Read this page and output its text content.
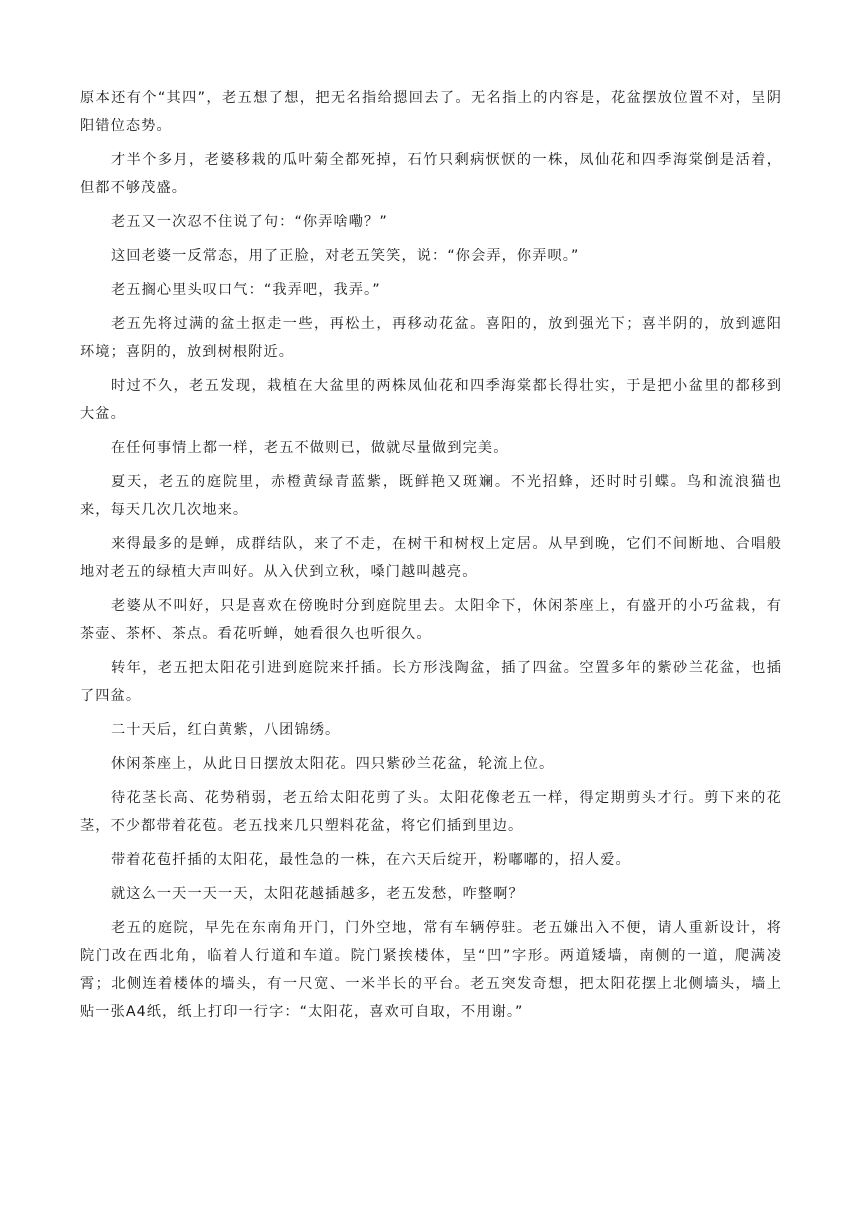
原本还有个“其四”，老五想了想，把无名指给摁回去了。无名指上的内容是，花盆摆放位置不对，呈阴阳错位态势。

才半个多月，老婆移栽的瓜叶菊全都死掉，石竹只剩病恹恹的一株，凤仙花和四季海棠倒是活着，但都不够茂盛。

老五又一次忍不住说了句：“你弄啥嘞？”

这回老婆一反常态，用了正脸，对老五笑笑，说：“你会弄，你弄呗。”

老五搁心里头叹口气：“我弄吧，我弄。”

老五先将过满的盆土抠走一些，再松土，再移动花盆。喜阳的，放到强光下；喜半阴的，放到遮阳环境；喜阴的，放到树根附近。

时过不久，老五发现，栽植在大盆里的两株凤仙花和四季海棠都长得壮实，于是把小盆里的都移到大盆。

在任何事情上都一样，老五不做则已，做就尽量做到完美。

夏天，老五的庭院里，赤橙黄绿青蓝紫，既鲜艳又斑斓。不光招蜂，还时时引蝶。鸟和流浪猫也来，每天几次几次地来。

来得最多的是蝉，成群结队，来了不走，在树干和树杈上定居。从早到晚，它们不间断地、合唱般地对老五的绿植大声叫好。从入伏到立秋，嗓门越叫越亮。

老婆从不叫好，只是喜欢在傍晚时分到庭院里去。太阳伞下，休闲茶座上，有盛开的小巧盆栽，有茶壶、茶杯、茶点。看花听蝉，她看很久也听很久。

转年，老五把太阳花引进到庭院来扦插。长方形浅陶盆，插了四盆。空置多年的紫砂兰花盆，也插了四盆。

二十天后，红白黄紫，八团锦绣。

休闲茶座上，从此日日摆放太阳花。四只紫砂兰花盆，轮流上位。

待花茎长高、花势稍弱，老五给太阳花剪了头。太阳花像老五一样，得定期剪头才行。剪下来的花茎，不少都带着花苞。老五找来几只塑料花盆，将它们插到里边。

带着花苞扦插的太阳花，最性急的一株，在六天后绽开，粉嘟嘟的，招人爱。

就这么一天一天一天，太阳花越插越多，老五发愁，咋整啊？

老五的庭院，早先在东南角开门，门外空地，常有车辆停驻。老五嫌出入不便，请人重新设计，将院门改在西北角，临着人行道和车道。院门紧挨楼体，呈“凹”字形。两道矮墙，南侧的一道，爬满凌霄；北侧连着楼体的墙头，有一尺宽、一米半长的平台。老五突发奇想，把太阳花摆上北侧墙头，墙上贴一张A4纸，纸上打印一行字：“太阳花，喜欢可自取，不用谢。”
